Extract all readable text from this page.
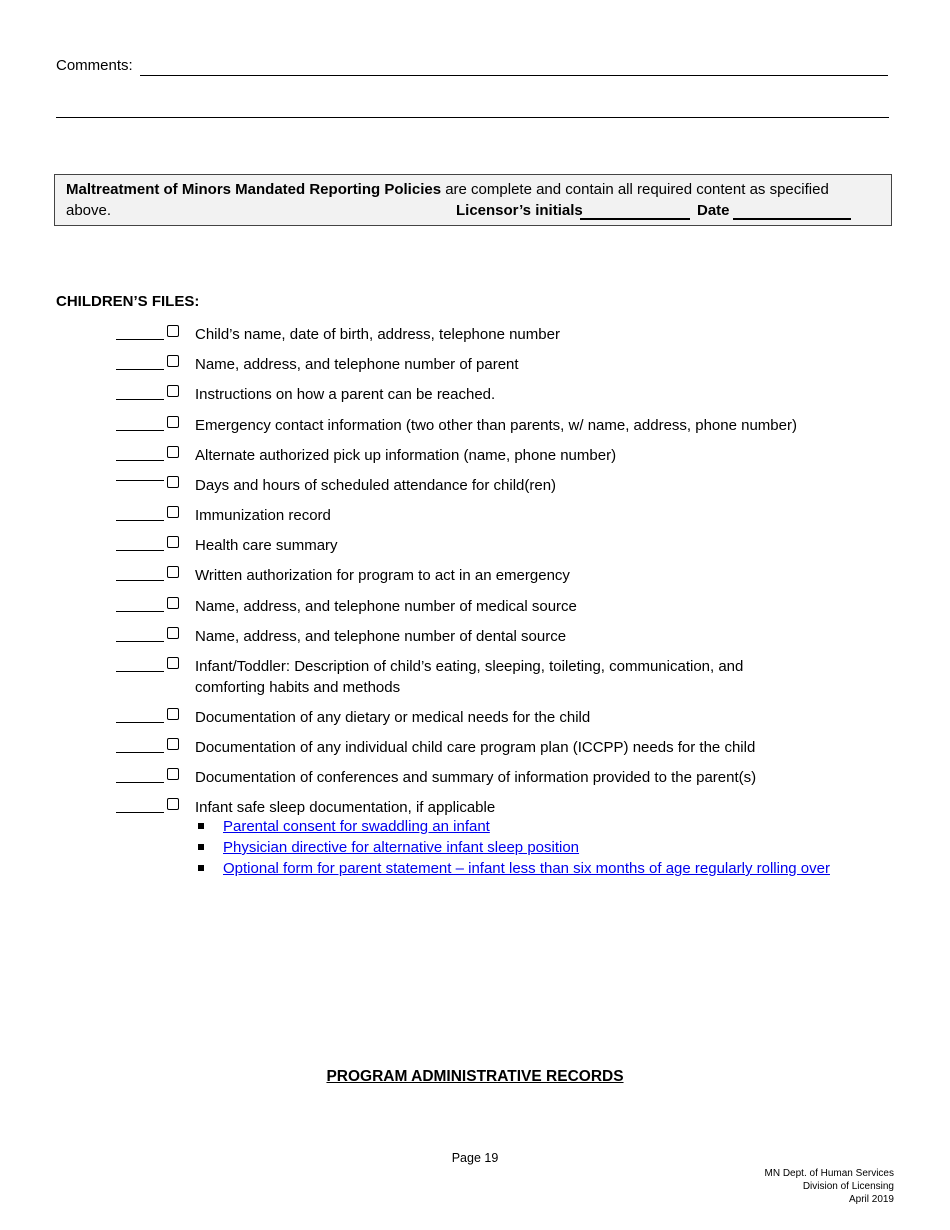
Comments:
Maltreatment of Minors Mandated Reporting Policies are complete and contain all required content as specified
above.	Licensor’s initials	Date
CHILDREN’S FILES:
Child’s name, date of birth, address, telephone number
Name, address, and telephone number of parent
Instructions on how a parent can be reached.
Emergency contact information (two other than parents, w/ name, address, phone number)
Alternate authorized pick up information (name, phone number)
Days and hours of scheduled attendance for child(ren)
Immunization record
Health care summary
Written authorization for program to act in an emergency
Name, address, and telephone number of medical source
Name, address, and telephone number of dental source
Infant/Toddler: Description of child’s eating, sleeping, toileting, communication, and
comforting habits and methods
Documentation of any dietary or medical needs for the child
Documentation of any individual child care program plan (ICCPP) needs for the child
Documentation of conferences and summary of information provided to the parent(s)
Infant safe sleep documentation, if applicable
Parental consent for swaddling an infant
Physician directive for alternative infant sleep position
Optional form for parent statement – infant less than six months of age regularly rolling over
PROGRAM ADMINISTRATIVE RECORDS
Page 19
MN Dept. of Human Services
Division of Licensing
April 2019
